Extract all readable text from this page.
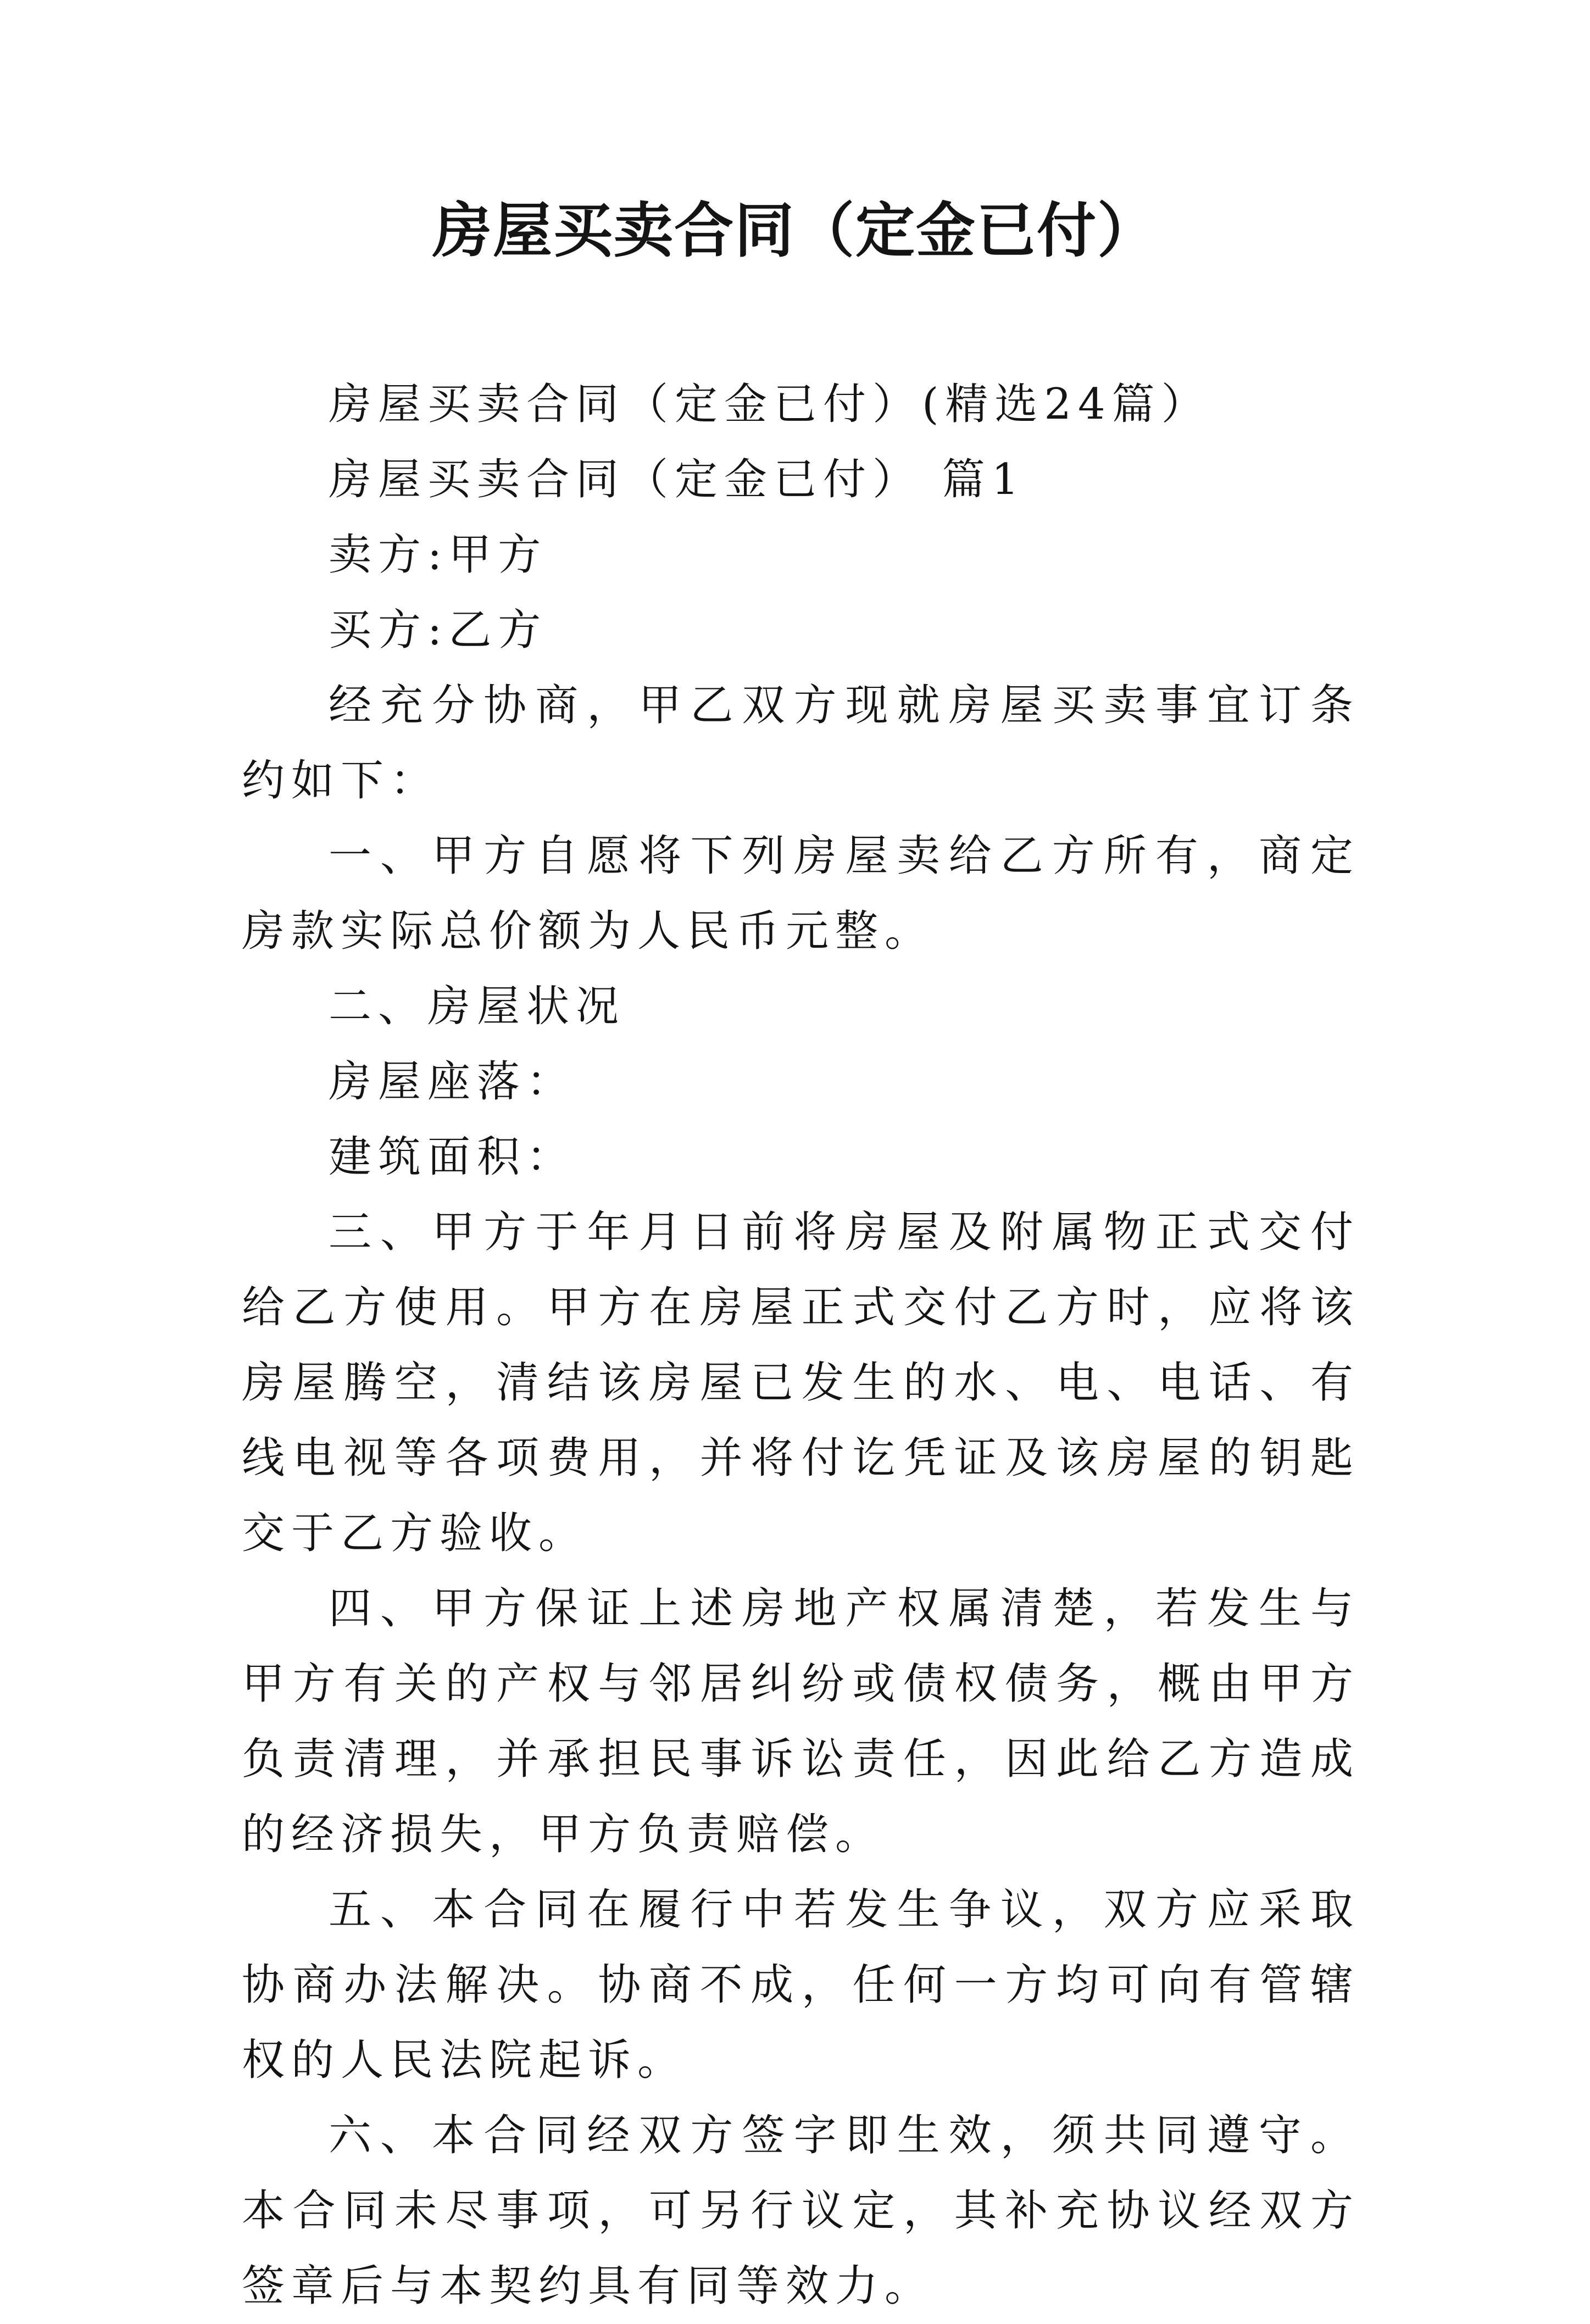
房屋买卖合同（定金已付）

房屋买卖合同（定金已付）(精选24篇）

房屋买卖合同（定金已付） 篇1

卖方:甲方

买方:乙方

经充分协商，甲乙双方现就房屋买卖事宜订条约如下：

一、甲方自愿将下列房屋卖给乙方所有，商定房款实际总价额为人民币元整。

二、房屋状况

房屋座落：

建筑面积：

三、甲方于年月日前将房屋及附属物正式交付给乙方使用。甲方在房屋正式交付乙方时，应将该房屋腾空，清结该房屋已发生的水、电、电话、有线电视等各项费用，并将付讫凭证及该房屋的钥匙交于乙方验收。

四、甲方保证上述房地产权属清楚，若发生与甲方有关的产权与邻居纠纷或债权债务，概由甲方负责清理，并承担民事诉讼责任，因此给乙方造成的经济损失，甲方负责赔偿。

五、本合同在履行中若发生争议，双方应采取协商办法解决。协商不成，任何一方均可向有管辖权的人民法院起诉。

六、本合同经双方签字即生效，须共同遵守。本合同未尽事项，可另行议定，其补充协议经双方签章后与本契约具有同等效力。
